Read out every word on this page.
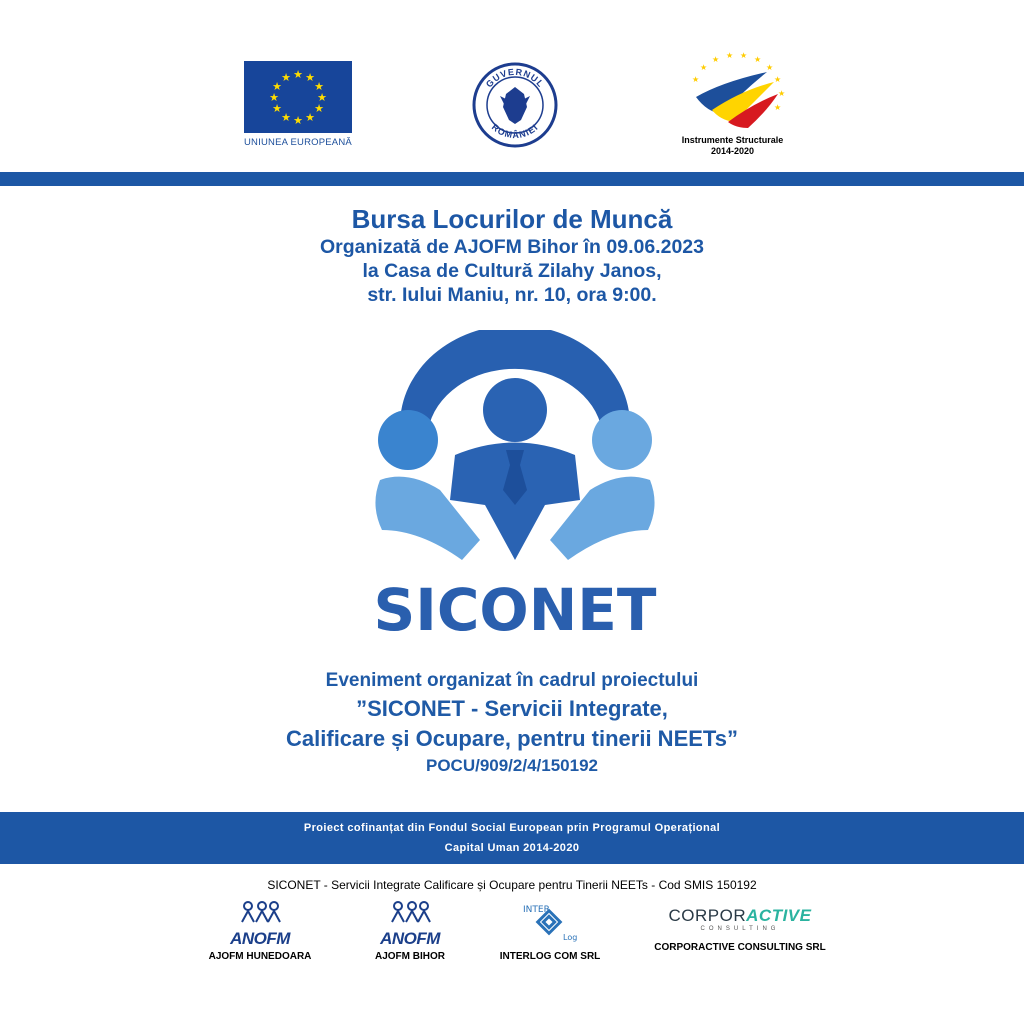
★ ★
★
★
★
★
★
★
★
★
★
★
UNIUNEA EUROPEANĂ
GUVERNUL
ROMÂNIEI
★
★ ★ ★ ★
★
★
★
★
★
Instrumente Structurale
2014-2020
Bursa Locurilor de Muncă
Organizată de AJOFM Bihor în 09.06.2023
la Casa de Cultură Zilahy Janos,
str. Iului Maniu, nr. 10, ora 9:00.
SICONET
Eveniment organizat în cadrul proiectului
”SICONET - Servicii Integrate,
Calificare și Ocupare, pentru tinerii NEETs”
POCU/909/2/4/150192
Proiect cofinanțat din Fondul Social European prin Programul Operațional
Capital Uman 2014-2020
SICONET - Servicii Integrate Calificare și Ocupare pentru Tinerii NEETs - Cod SMIS 150192
ANOFM
AJOFM HUNEDOARA
ANOFM
AJOFM BIHOR
INTER
Log
INTERLOG COM SRL
CORPORACTIVE
CONSULTING
CORPORACTIVE CONSULTING SRL
